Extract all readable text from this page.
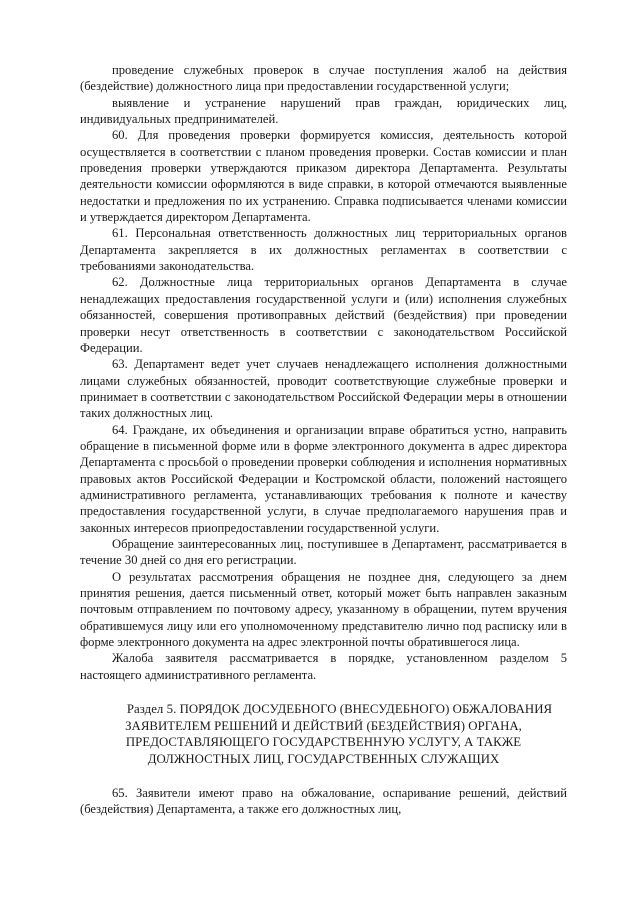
проведение служебных проверок в случае поступления жалоб на действия (бездействие) должностного лица при предоставлении государственной услуги;

выявление и устранение нарушений прав граждан, юридических лиц, индивидуальных предпринимателей.

60. Для проведения проверки формируется комиссия, деятельность которой осуществляется в соответствии с планом проведения проверки. Состав комиссии и план проведения проверки утверждаются приказом директора Департамента. Результаты деятельности комиссии оформляются в виде справки, в которой отмечаются выявленные недостатки и предложения по их устранению. Справка подписывается членами комиссии и утверждается директором Департамента.

61. Персональная ответственность должностных лиц территориальных органов Департамента закрепляется в их должностных регламентах в соответствии с требованиями законодательства.

62. Должностные лица территориальных органов Департамента в случае ненадлежащих предоставления государственной услуги и (или) исполнения служебных обязанностей, совершения противоправных действий (бездействия) при проведении проверки несут ответственность в соответствии с законодательством Российской Федерации.

63. Департамент ведет учет случаев ненадлежащего исполнения должностными лицами служебных обязанностей, проводит соответствующие служебные проверки и принимает в соответствии с законодательством Российской Федерации меры в отношении таких должностных лиц.

64. Граждане, их объединения и организации вправе обратиться устно, направить обращение в письменной форме или в форме электронного документа в адрес директора Департамента с просьбой о проведении проверки соблюдения и исполнения нормативных правовых актов Российской Федерации и Костромской области, положений настоящего административного регламента, устанавливающих требования к полноте и качеству предоставления государственной услуги, в случае предполагаемого нарушения прав и законных интересов приопредоставлении государственной услуги.

Обращение заинтересованных лиц, поступившее в Департамент, рассматривается в течение 30 дней со дня его регистрации.

О результатах рассмотрения обращения не позднее дня, следующего за днем принятия решения, дается письменный ответ, который может быть направлен заказным почтовым отправлением по почтовому адресу, указанному в обращении, путем вручения обратившемуся лицу или его уполномоченному представителю лично под расписку или в форме электронного документа на адрес электронной почты обратившегося лица.

Жалоба заявителя рассматривается в порядке, установленном разделом 5 настоящего административного регламента.

Раздел 5. ПОРЯДОК ДОСУДЕБНОГО (ВНЕСУДЕБНОГО) ОБЖАЛОВАНИЯ ЗАЯВИТЕЛЕМ РЕШЕНИЙ И ДЕЙСТВИЙ (БЕЗДЕЙСТВИЯ) ОРГАНА, ПРЕДОСТАВЛЯЮЩЕГО ГОСУДАРСТВЕННУЮ УСЛУГУ, А ТАКЖЕ ДОЛЖНОСТНЫХ ЛИЦ, ГОСУДАРСТВЕННЫХ СЛУЖАЩИХ

65. Заявители имеют право на обжалование, оспаривание решений, действий (бездействия) Департамента, а также его должностных лиц,
